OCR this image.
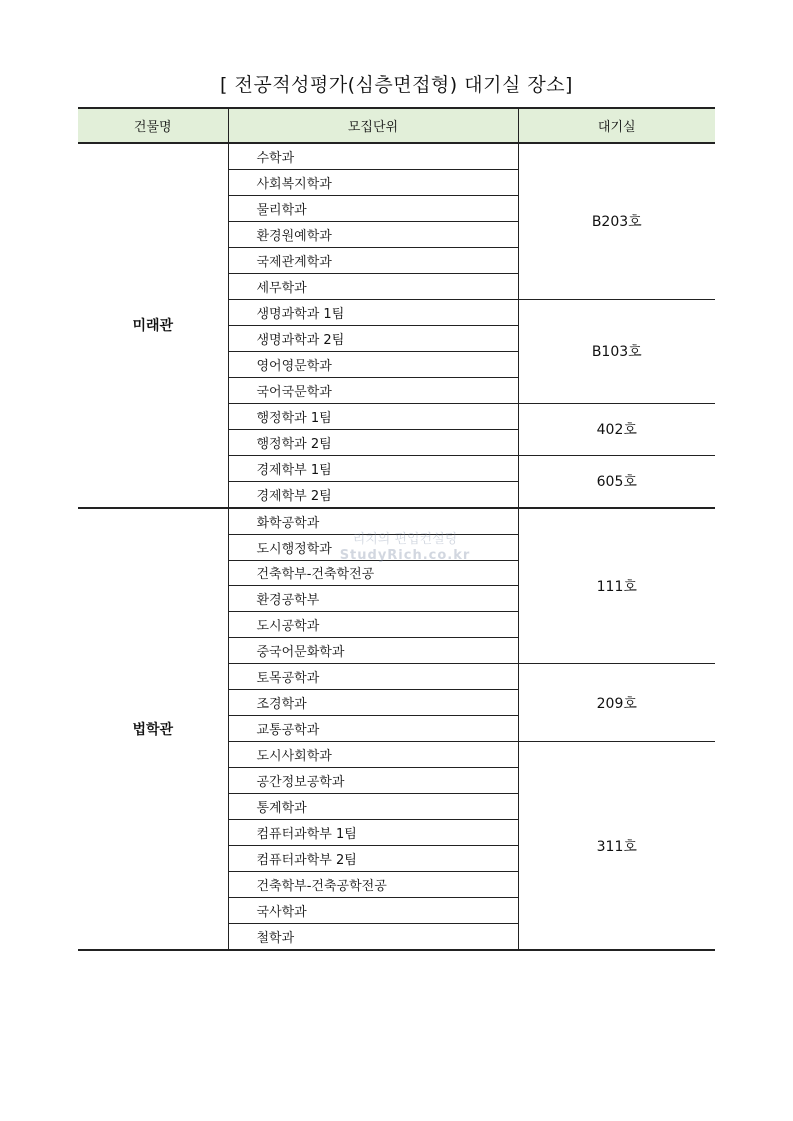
[ 전공적성평가(심층면접형) 대기실 장소]
건물명	모집단위	대기실
미래관	수학과	B203호
	사회복지학과	
	물리학과	
	환경원예학과	
	국제관계학과	
	세무학과	
	생명과학과 1팀	B103호
	생명과학과 2팀	
	영어영문학과	
	국어국문학과	
	행정학과 1팀	402호
	행정학과 2팀	
	경제학부 1팀	605호
	경제학부 2팀	
법학관	화학공학과	111호
	도시행정학과	
	건축학부-건축학전공	
	환경공학부	
	도시공학과	
	중국어문화학과	
	토목공학과	209호
	조경학과	
	교통공학과	
	도시사회학과	311호
	공간정보공학과	
	통계학과	
	컴퓨터과학부 1팀	
	컴퓨터과학부 2팀	
	건축학부-건축공학전공	
	국사학과	
	철학과	
리치의 편입컨설팅
StudyRich.co.kr
